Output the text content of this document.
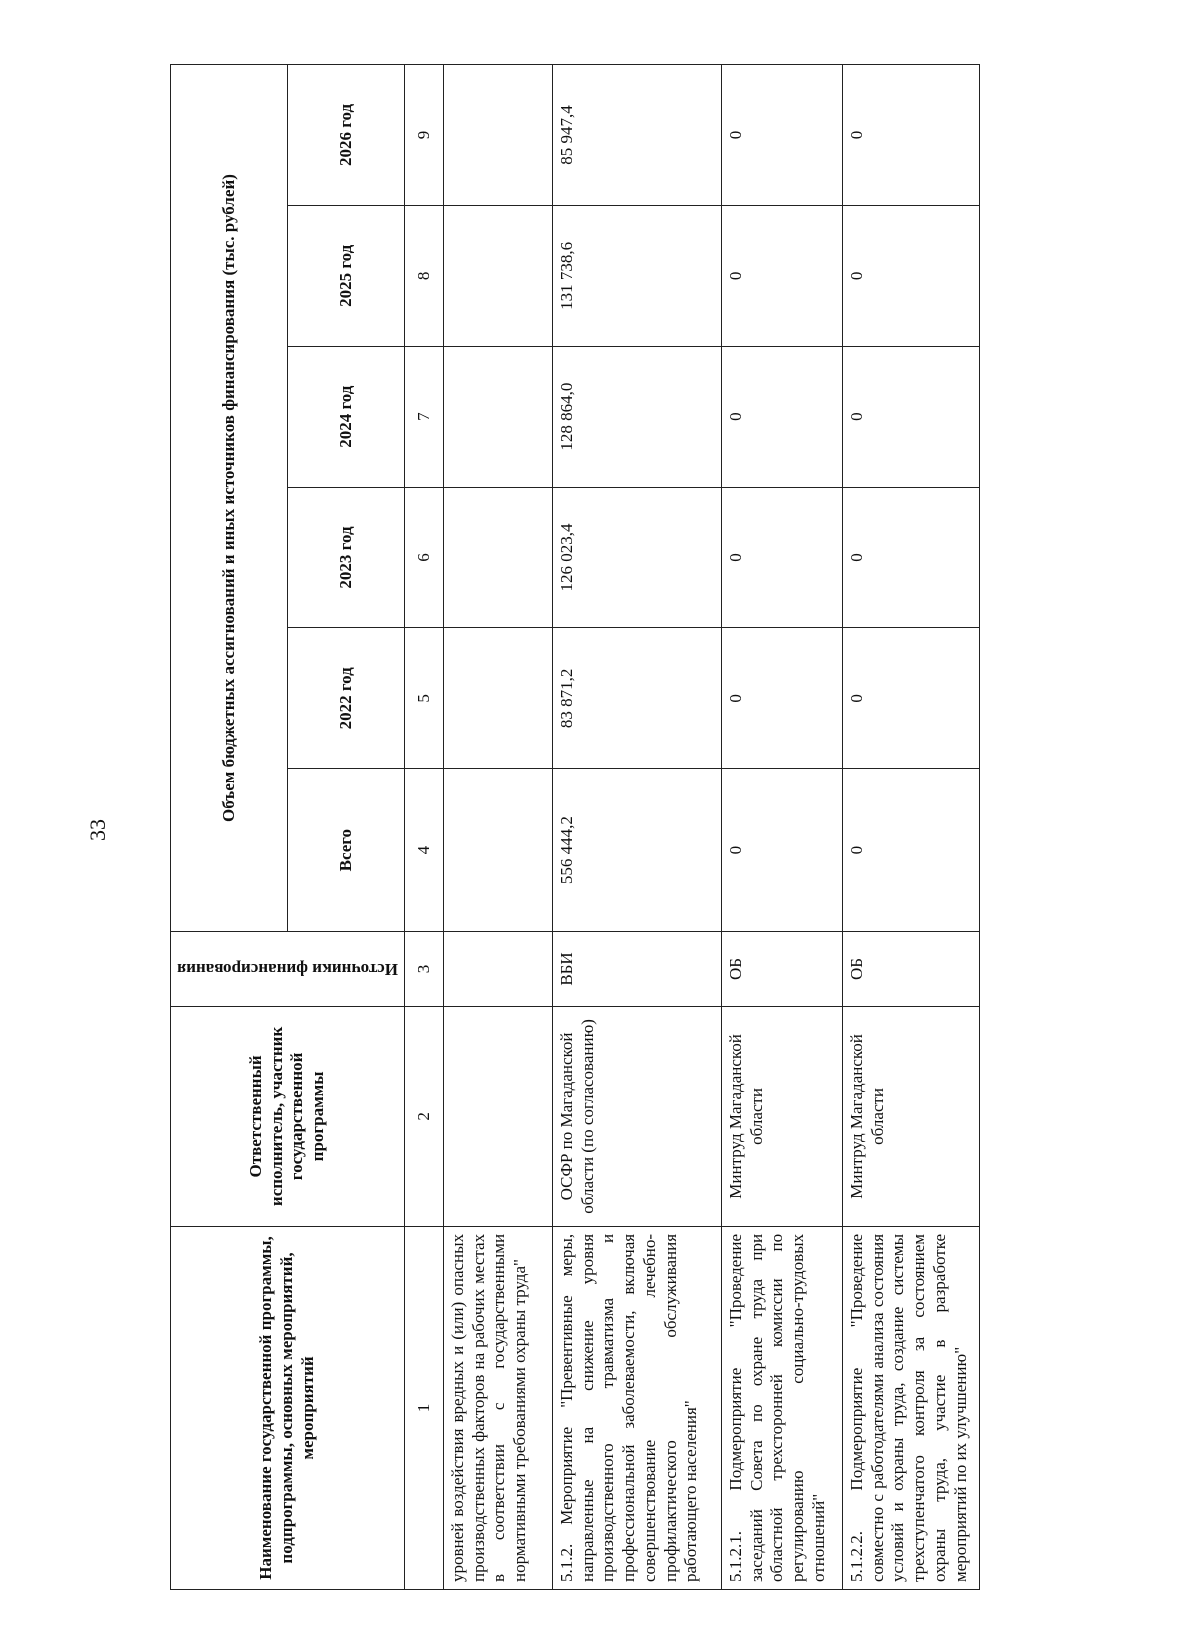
33
Наименование государственной программы, подпрограммы, основных мероприятий, мероприятий	Ответственный исполнитель, участник государственной программы	Источники финансирования	Объем бюджетных ассигнований и иных источников финансирования (тыс. рублей)					
			Всего	2022 год	2023 год	2024 год	2025 год	2026 год
1	2	3	4	5	6	7	8	9
уровней воздействия вредных и (или) опасных производственных факторов на рабочих местах в соответствии с государственными нормативными требованиями охраны труда"								
5.1.2. Мероприятие "Превентивные меры, направленные на снижение уровня производственного травматизма и профессиональной заболеваемости, включая совершенствование лечебно-профилактического обслуживания работающего населения"	ОСФР по Магаданской области (по согласованию)	ВБИ	556 444,2	83 871,2	126 023,4	128 864,0	131 738,6	85 947,4
5.1.2.1. Подмероприятие "Проведение заседаний Совета по охране труда при областной трехсторонней комиссии по регулированию социально-трудовых отношений"	Минтруд Магаданской области	ОБ	0	0	0	0	0	0
5.1.2.2. Подмероприятие "Проведение совместно с работодателями анализа состояния условий и охраны труда, создание системы трехступенчатого контроля за состоянием охраны труда, участие в разработке мероприятий по их улучшению"	Минтруд Магаданской области	ОБ	0	0	0	0	0	0
